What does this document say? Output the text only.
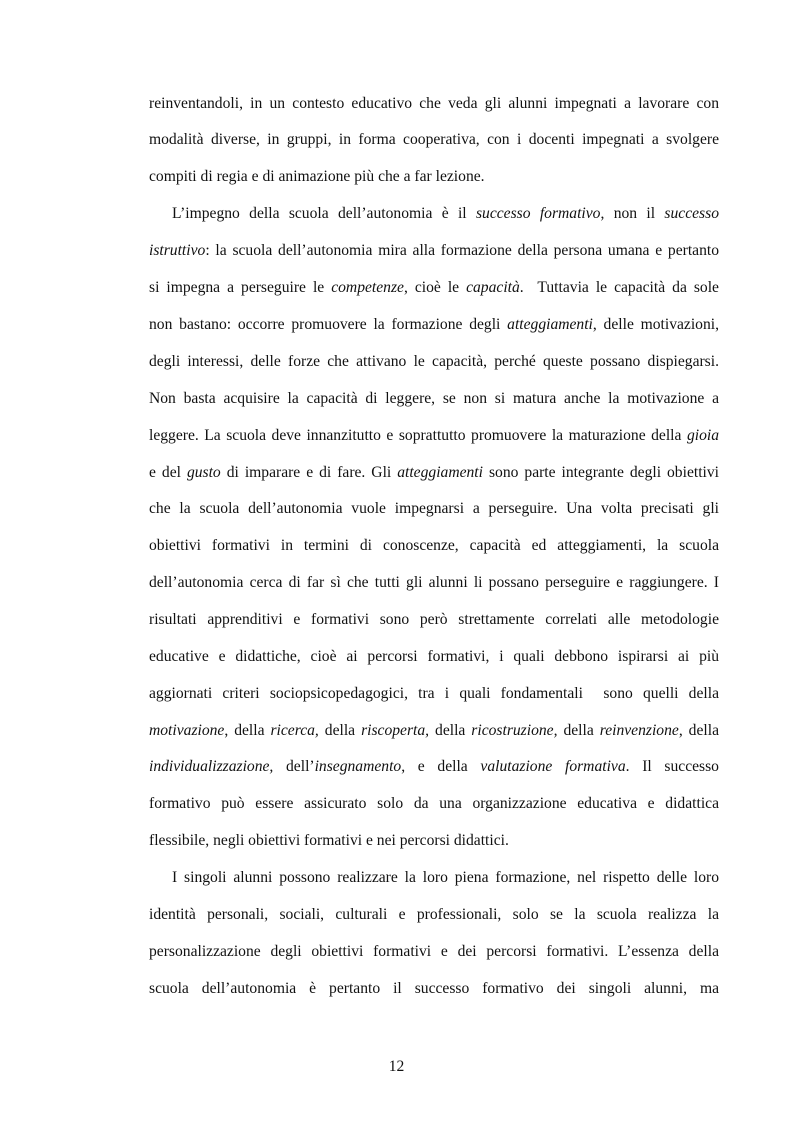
reinventandoli, in un contesto educativo che veda gli alunni impegnati a lavorare con
modalità diverse, in gruppi, in forma cooperativa, con i docenti impegnati a svolgere
compiti di regia e di animazione più che a far lezione.
L’impegno della scuola dell’autonomia è il successo formativo, non il successo
istruttivo: la scuola dell’autonomia mira alla formazione della persona umana e pertanto
si impegna a perseguire le competenze, cioè le capacità.  Tuttavia le capacità da sole
non bastano: occorre promuovere la formazione degli atteggiamenti, delle motivazioni,
degli interessi, delle forze che attivano le capacità, perché queste possano dispiegarsi.
Non basta acquisire la capacità di leggere, se non si matura anche la motivazione a
leggere. La scuola deve innanzitutto e soprattutto promuovere la maturazione della gioia
e del gusto di imparare e di fare. Gli atteggiamenti sono parte integrante degli obiettivi
che la scuola dell’autonomia vuole impegnarsi a perseguire. Una volta precisati gli
obiettivi formativi in termini di conoscenze, capacità ed atteggiamenti, la scuola
dell’autonomia cerca di far sì che tutti gli alunni li possano perseguire e raggiungere. I
risultati apprenditivi e formativi sono però strettamente correlati alle metodologie
educative e didattiche, cioè ai percorsi formativi, i quali debbono ispirarsi ai più
aggiornati criteri sociopsicopedagogici, tra i quali fondamentali  sono quelli della
motivazione, della ricerca, della riscoperta, della ricostruzione, della reinvenzione, della
individualizzazione, dell’insegnamento, e della valutazione formativa. Il successo
formativo può essere assicurato solo da una organizzazione educativa e didattica
flessibile, negli obiettivi formativi e nei percorsi didattici.
I singoli alunni possono realizzare la loro piena formazione, nel rispetto delle loro
identità personali, sociali, culturali e professionali, solo se la scuola realizza la
personalizzazione degli obiettivi formativi e dei percorsi formativi. L’essenza della
scuola dell’autonomia è pertanto il successo formativo dei singoli alunni, ma
12
